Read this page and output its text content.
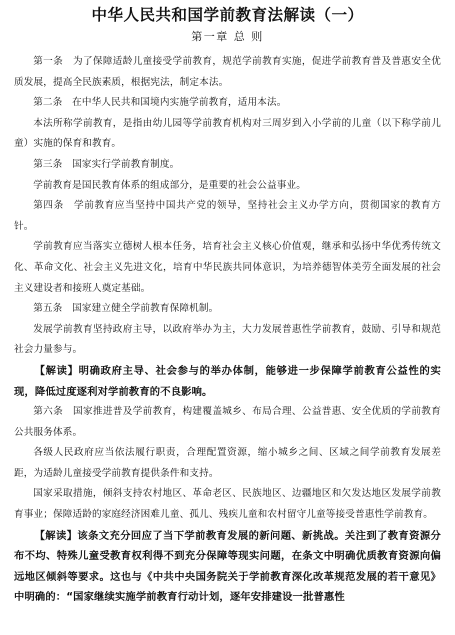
中华人民共和国学前教育法解读（一）
第一章 总 则

第一条　为了保障适龄儿童接受学前教育，规范学前教育实施，促进学前教育普及普惠安全优质发展，提高全民族素质，根据宪法，制定本法。

第二条　在中华人民共和国境内实施学前教育，适用本法。

本法所称学前教育，是指由幼儿园等学前教育机构对三周岁到入小学前的儿童（以下称学前儿童）实施的保育和教育。

第三条　国家实行学前教育制度。

学前教育是国民教育体系的组成部分，是重要的社会公益事业。

第四条　学前教育应当坚持中国共产党的领导，坚持社会主义办学方向，贯彻国家的教育方针。

学前教育应当落实立德树人根本任务，培育社会主义核心价值观，继承和弘扬中华优秀传统文化、革命文化、社会主义先进文化，培育中华民族共同体意识，为培养德智体美劳全面发展的社会主义建设者和接班人奠定基础。

第五条　国家建立健全学前教育保障机制。

发展学前教育坚持政府主导，以政府举办为主，大力发展普惠性学前教育，鼓励、引导和规范社会力量参与。

【解读】明确政府主导、社会参与的举办体制，能够进一步保障学前教育公益性的实现，降低过度逐利对学前教育的不良影响。

第六条　国家推进普及学前教育，构建覆盖城乡、布局合理、公益普惠、安全优质的学前教育公共服务体系。

各级人民政府应当依法履行职责，合理配置资源，缩小城乡之间、区域之间学前教育发展差距，为适龄儿童接受学前教育提供条件和支持。

国家采取措施，倾斜支持农村地区、革命老区、民族地区、边疆地区和欠发达地区发展学前教育事业；保障适龄的家庭经济困难儿童、孤儿、残疾儿童和农村留守儿童等接受普惠性学前教育。

【解读】该条文充分回应了当下学前教育发展的新问题、新挑战。关注到了教育资源分布不均、特殊儿童受教育权利得不到充分保障等现实问题，在条文中明确优质教育资源向偏远地区倾斜等要求。这也与《中共中央国务院关于学前教育深化改革规范发展的若干意见》中明确的：“国家继续实施学前教育行动计划，逐年安排建设一批普惠性
